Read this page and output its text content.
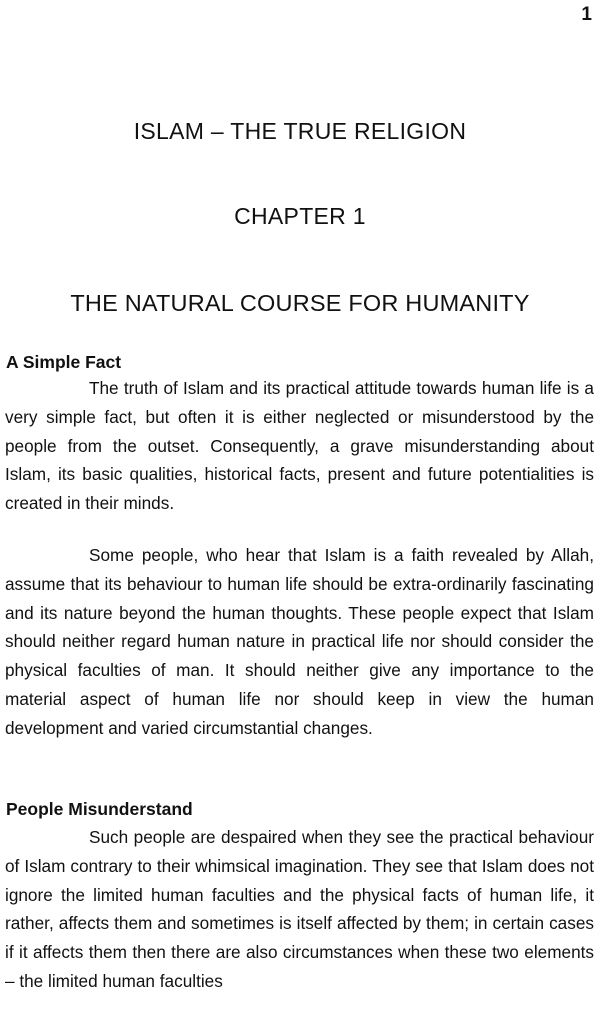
1
ISLAM – THE TRUE RELIGION
CHAPTER 1
THE NATURAL COURSE FOR HUMANITY
A Simple Fact

The truth of Islam and its practical attitude towards human life is a very simple fact, but often it is either neglected or misunderstood by the people from the outset. Consequently, a grave misunderstanding about Islam, its basic qualities, historical facts, present and future potentialities is created in their minds.

Some people, who hear that Islam is a faith revealed by Allah, assume that its behaviour to human life should be extra-ordinarily fascinating and its nature beyond the human thoughts. These people expect that Islam should neither regard human nature in practical life nor should consider the physical faculties of man. It should neither give any importance to the material aspect of human life nor should keep in view the human development and varied circumstantial changes.

People Misunderstand

Such people are despaired when they see the practical behaviour of Islam contrary to their whimsical imagination. They see that Islam does not ignore the limited human faculties and the physical facts of human life, it rather, affects them and sometimes is itself affected by them; in certain cases if it affects them then there are also circumstances when these two elements – the limited human faculties
